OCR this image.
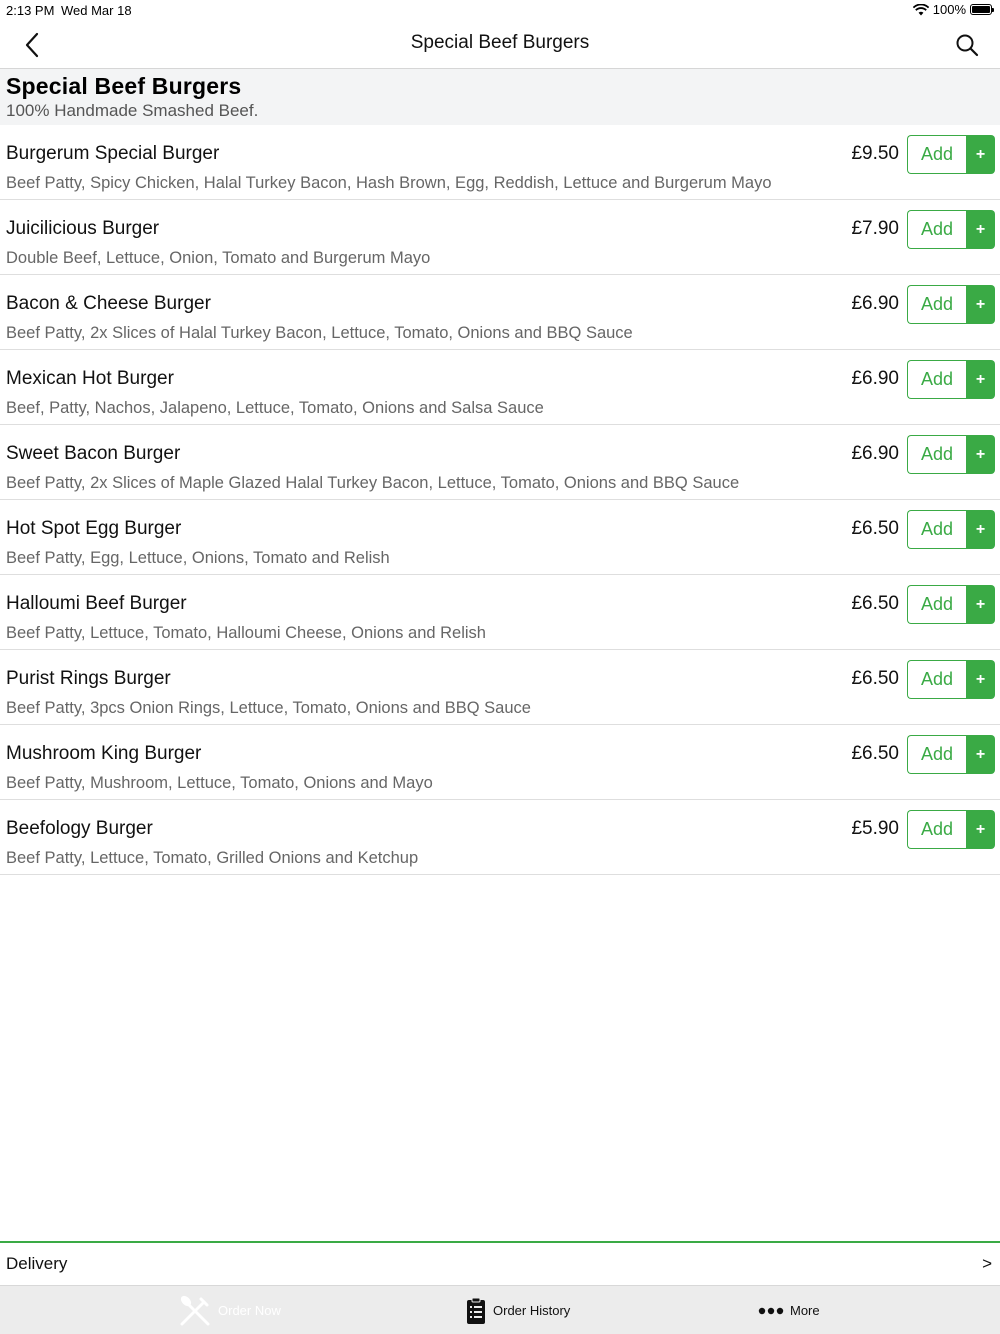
2:13 PM Wed Mar 18	100%
Special Beef Burgers
Special Beef Burgers
100% Handmade Smashed Beef.
Burgerum Special Burger
Beef Patty, Spicy Chicken, Halal Turkey Bacon, Hash Brown, Egg, Reddish, Lettuce and Burgerum Mayo
£9.50	Add	+
Juicilicious Burger
Double Beef, Lettuce, Onion, Tomato and Burgerum Mayo
£7.90	Add	+
Bacon & Cheese Burger
Beef Patty, 2x Slices of Halal Turkey Bacon, Lettuce, Tomato, Onions and BBQ Sauce
£6.90	Add	+
Mexican Hot Burger
Beef, Patty, Nachos, Jalapeno, Lettuce, Tomato, Onions and Salsa Sauce
£6.90	Add	+
Sweet Bacon Burger
Beef Patty, 2x Slices of Maple Glazed Halal Turkey Bacon, Lettuce, Tomato, Onions and BBQ Sauce
£6.90	Add	+
Hot Spot Egg Burger
Beef Patty, Egg, Lettuce, Onions, Tomato and Relish
£6.50	Add	+
Halloumi Beef Burger
Beef Patty, Lettuce, Tomato, Halloumi Cheese, Onions and Relish
£6.50	Add	+
Purist Rings Burger
Beef Patty, 3pcs Onion Rings, Lettuce, Tomato, Onions and BBQ Sauce
£6.50	Add	+
Mushroom King Burger
Beef Patty, Mushroom, Lettuce, Tomato, Onions and Mayo
£6.50	Add	+
Beefology Burger
Beef Patty, Lettuce, Tomato, Grilled Onions and Ketchup
£5.90	Add	+
Delivery	>
Order Now	Order History	More
